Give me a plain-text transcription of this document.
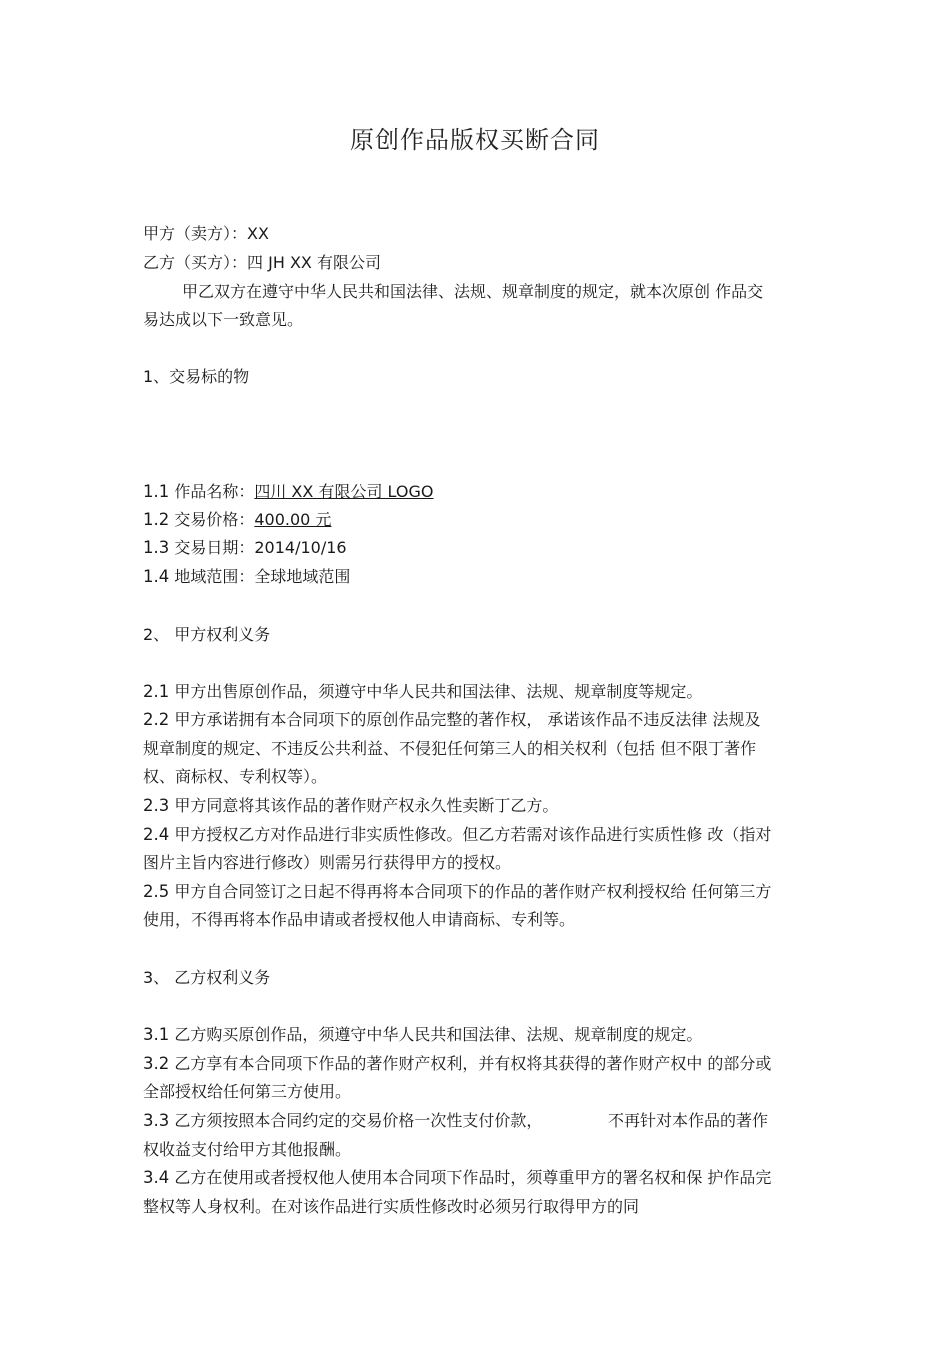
原创作品版权买断合同
甲方（卖方）：XX
乙方（买方）：四 JH XX 有限公司
甲乙双方在遵守中华人民共和国法律、法规、规章制度的规定，就本次原创 作品交
易达成以下一致意见。
1、交易标的物
1.1 作品名称：四川 XX 有限公司 LOGO
1.2 交易价格：400.00 元
1.3 交易日期：2014/10/16
1.4 地域范围：全球地域范围
2、 甲方权利义务
2.1 甲方出售原创作品，须遵守中华人民共和国法律、法规、规章制度等规定。
2.2 甲方承诺拥有本合同项下的原创作品完整的著作权， 承诺该作品不违反法律 法规及
规章制度的规定、不违反公共利益、不侵犯任何第三人的相关权利（包括 但不限丁著作
权、商标权、专利权等）。
2.3 甲方同意将其该作品的著作财产权永久性卖断丁乙方。
2.4 甲方授权乙方对作品进行非实质性修改。但乙方若需对该作品进行实质性修 改（指对
图片主旨内容进行修改）则需另行获得甲方的授权。
2.5 甲方自合同签订之日起不得再将本合同项下的作品的著作财产权利授权给 任何第三方
使用，不得再将本作品申请或者授权他人申请商标、专利等。
3、 乙方权利义务
3.1 乙方购买原创作品，须遵守中华人民共和国法律、法规、规章制度的规定。
3.2 乙方享有本合同项下作品的著作财产权利，并有权将其获得的著作财产权中 的部分或
全部授权给任何第三方使用。
3.3 乙方须按照本合同约定的交易价格一次性支付价款，	不再针对本作品的著作
权收益支付给甲方其他报酬。
3.4 乙方在使用或者授权他人使用本合同项下作品时，须尊重甲方的署名权和保 护作品完
整权等人身权利。在对该作品进行实质性修改时必须另行取得甲方的同
